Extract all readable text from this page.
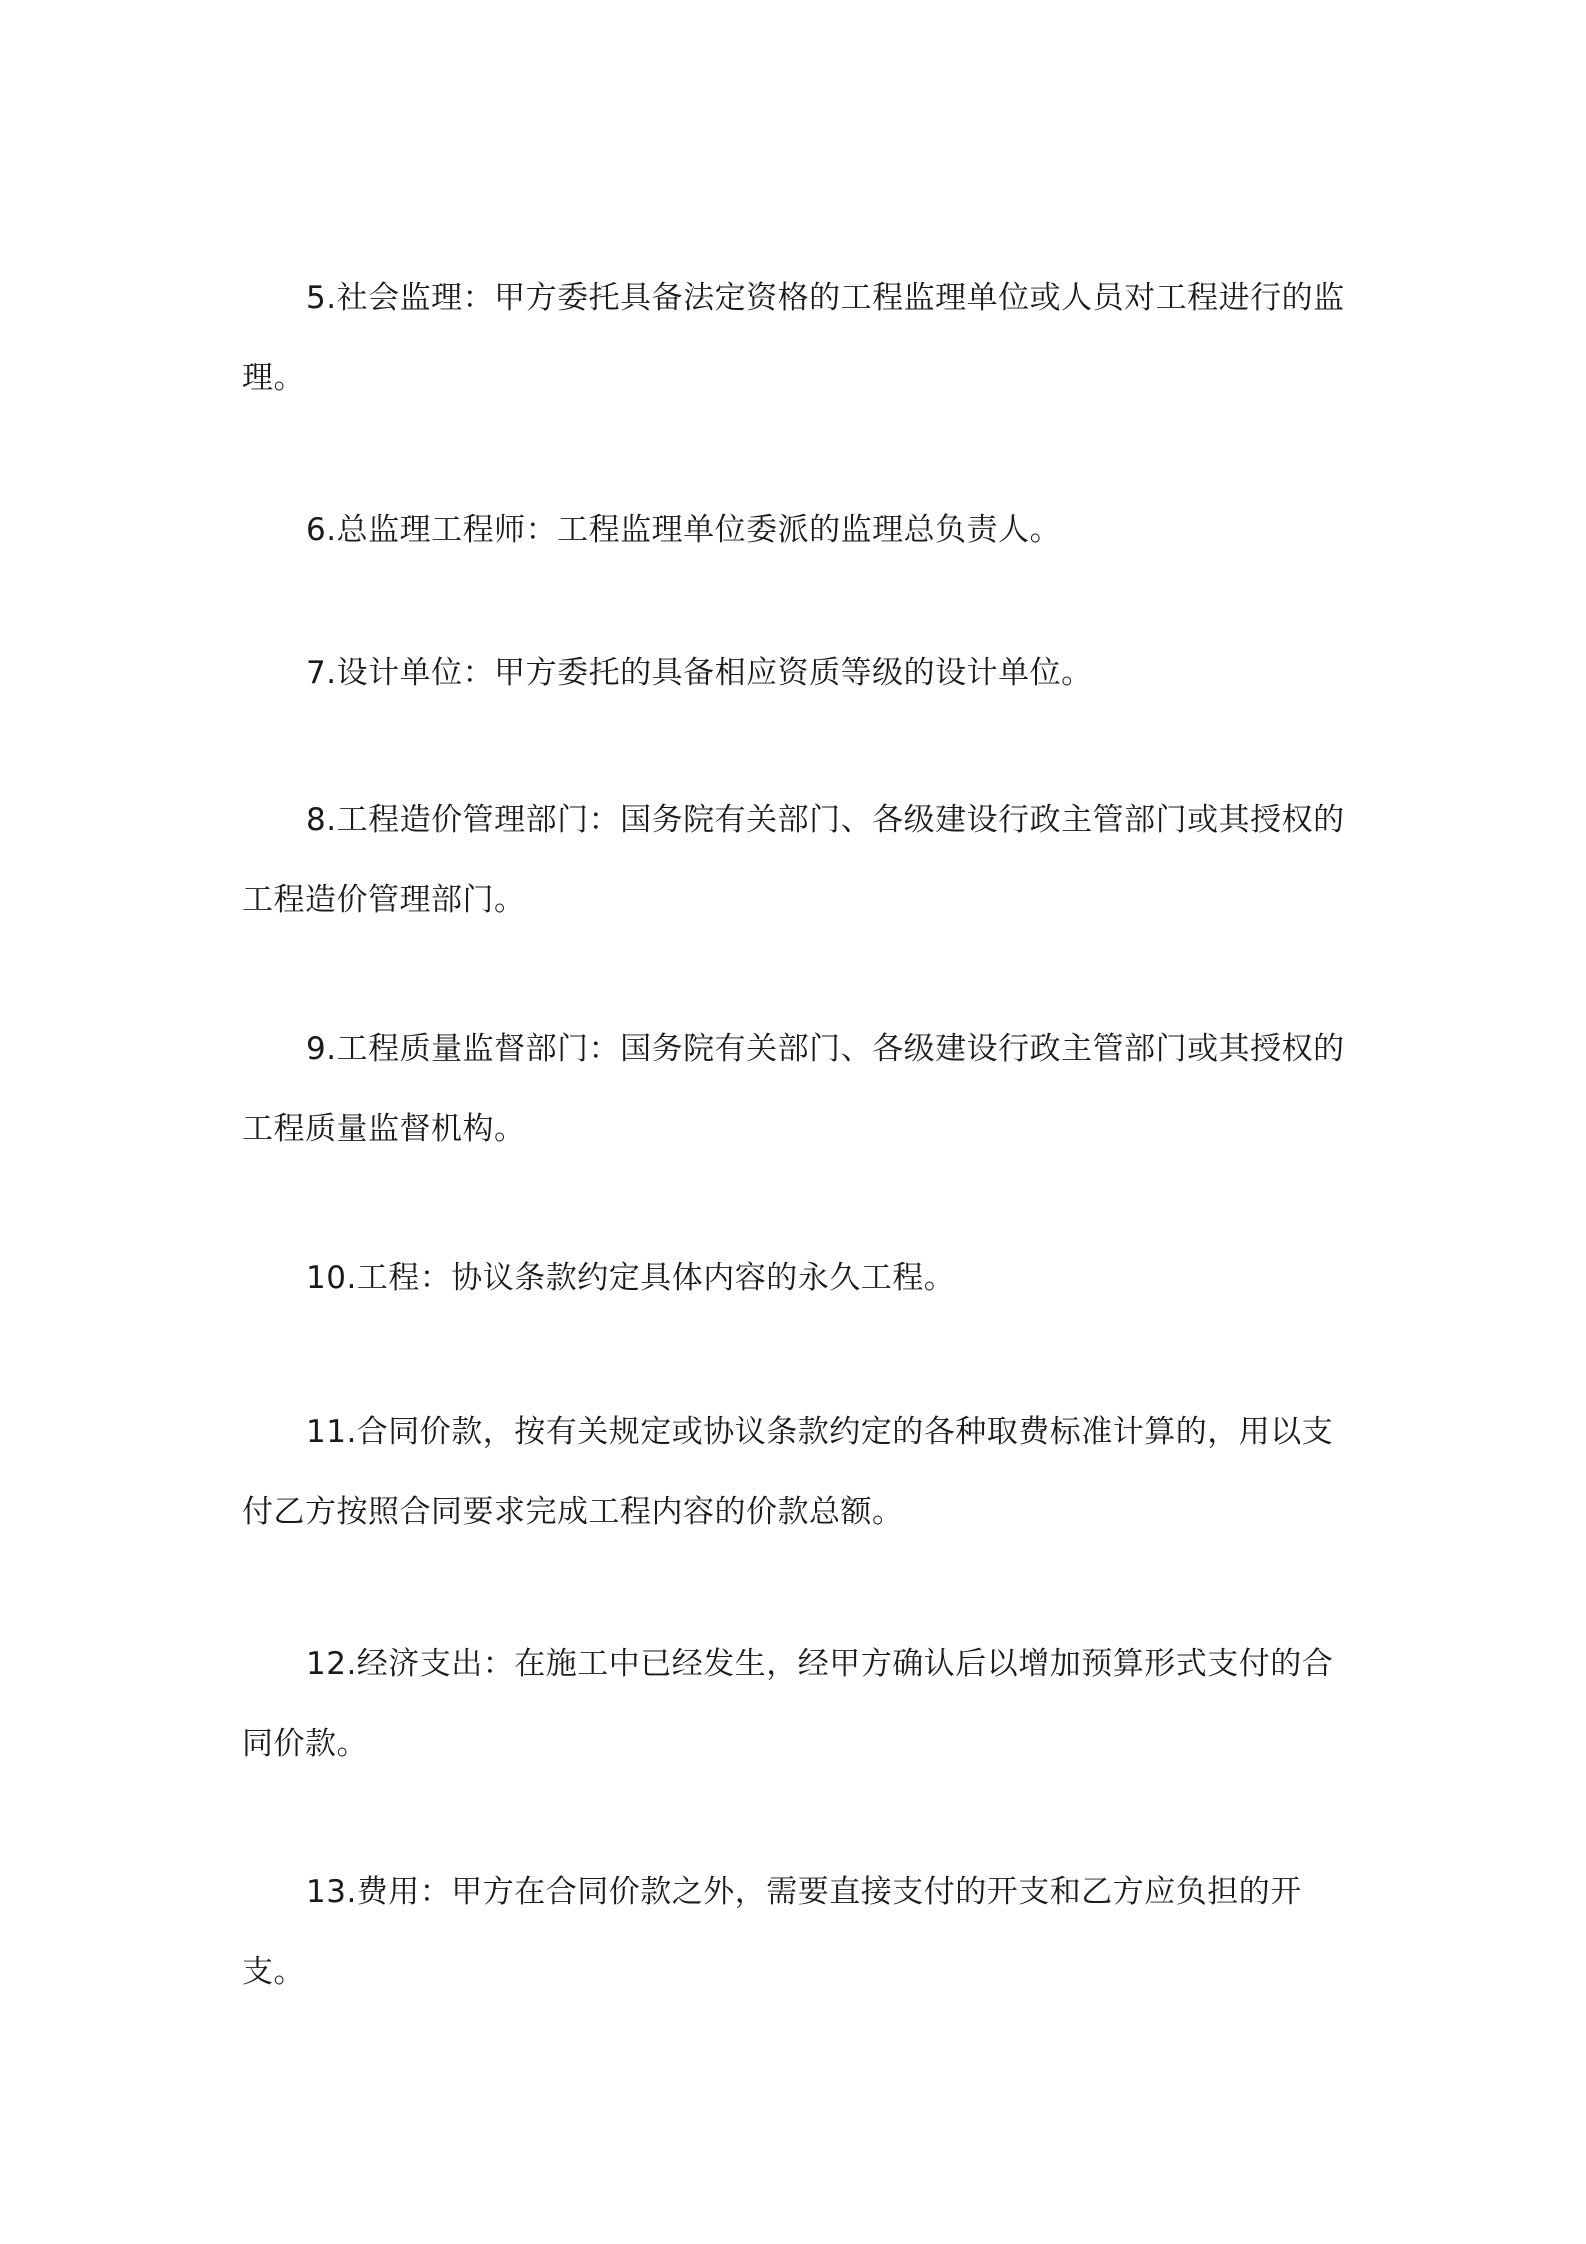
5.社会监理：甲方委托具备法定资格的工程监理单位或人员对工程进行的监理。

6.总监理工程师：工程监理单位委派的监理总负责人。

7.设计单位：甲方委托的具备相应资质等级的设计单位。

8.工程造价管理部门：国务院有关部门、各级建设行政主管部门或其授权的工程造价管理部门。

9.工程质量监督部门：国务院有关部门、各级建设行政主管部门或其授权的工程质量监督机构。

10.工程：协议条款约定具体内容的永久工程。

11.合同价款，按有关规定或协议条款约定的各种取费标准计算的，用以支付乙方按照合同要求完成工程内容的价款总额。

12.经济支出：在施工中已经发生，经甲方确认后以增加预算形式支付的合同价款。

13.费用：甲方在合同价款之外，需要直接支付的开支和乙方应负担的开支。
